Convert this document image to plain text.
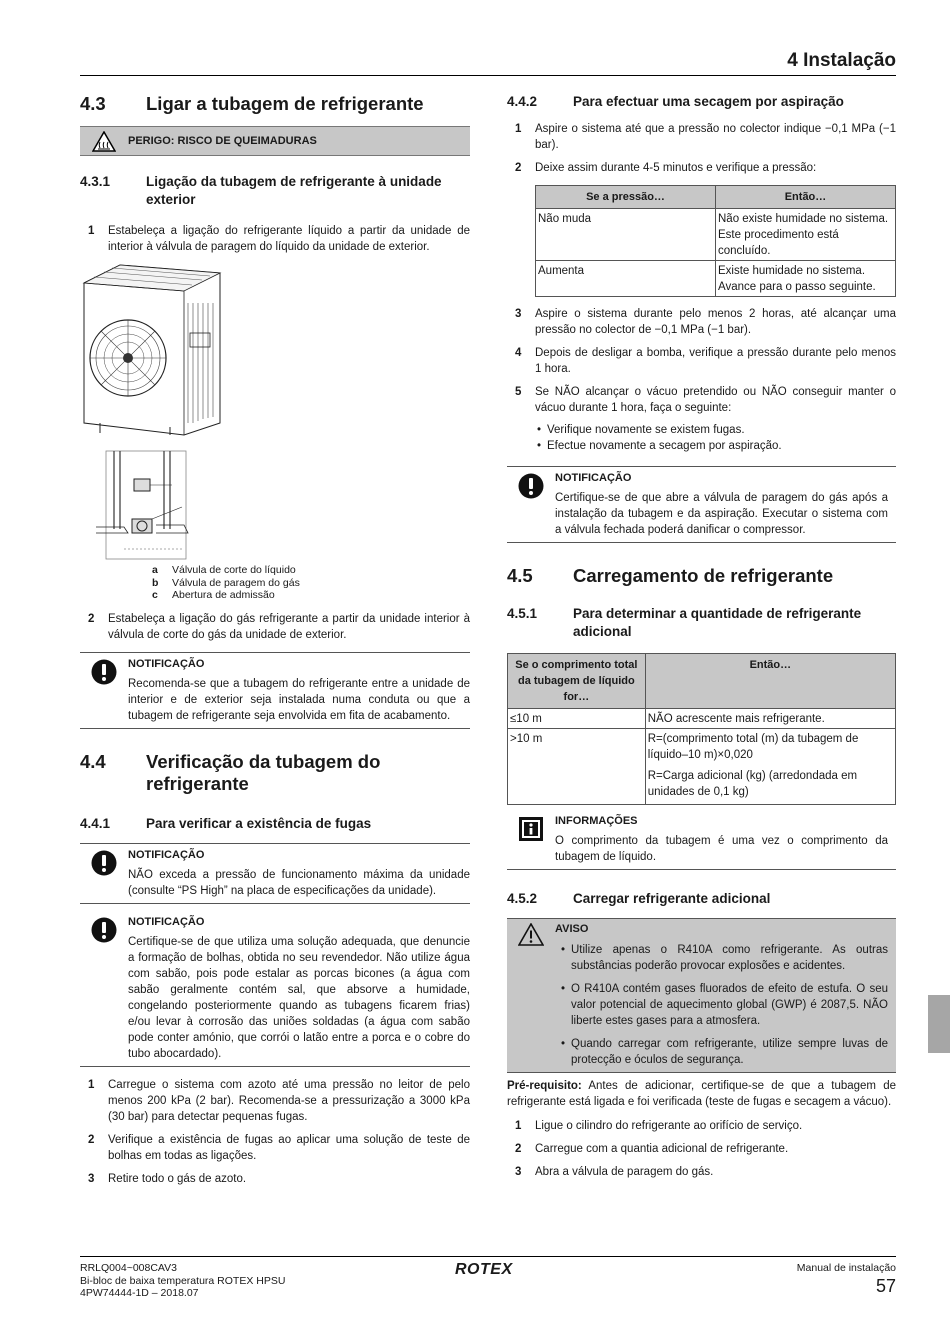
4 Instalação
4.3	Ligar a tubagem de refrigerante
PERIGO: RISCO DE QUEIMADURAS
4.3.1	Ligação da tubagem de refrigerante à unidade exterior
1	Estabeleça a ligação do refrigerante líquido a partir da unidade de interior à válvula de paragem do líquido da unidade de exterior.
a	Válvula de corte do líquido
b	Válvula de paragem do gás
c	Abertura de admissão
2	Estabeleça a ligação do gás refrigerante a partir da unidade interior à válvula de corte do gás da unidade de exterior.
NOTIFICAÇÃO
Recomenda-se que a tubagem do refrigerante entre a unidade de interior e de exterior seja instalada numa conduta ou que a tubagem de refrigerante seja envolvida em fita de acabamento.
4.4	Verificação da tubagem do refrigerante
4.4.1	Para verificar a existência de fugas
NOTIFICAÇÃO
NÃO exceda a pressão de funcionamento máxima da unidade (consulte “PS High” na placa de especificações da unidade).
NOTIFICAÇÃO
Certifique-se de que utiliza uma solução adequada, que denuncie a formação de bolhas, obtida no seu revendedor. Não utilize água com sabão, pois pode estalar as porcas bicones (a água com sabão geralmente contém sal, que absorve a humidade, congelando posteriormente quando as tubagens ficarem frias) e/ou levar à corrosão das uniões soldadas (a água com sabão pode conter amónio, que corrói o latão entre a porca e o cobre do tubo abocardado).
1	Carregue o sistema com azoto até uma pressão no leitor de pelo menos 200 kPa (2 bar). Recomenda-se a pressurização a 3000 kPa (30 bar) para detectar pequenas fugas.
2	Verifique a existência de fugas ao aplicar uma solução de teste de bolhas em todas as ligações.
3	Retire todo o gás de azoto.
4.4.2	Para efectuar uma secagem por aspiração
1	Aspire o sistema até que a pressão no colector indique −0,1 MPa (−1 bar).
2	Deixe assim durante 4-5 minutos e verifique a pressão:
Se a pressão…	Então…
Não muda	Não existe humidade no sistema. Este procedimento está concluído.
Aumenta	Existe humidade no sistema. Avance para o passo seguinte.
3	Aspire o sistema durante pelo menos 2 horas, até alcançar uma pressão no colector de −0,1 MPa (−1 bar).
4	Depois de desligar a bomba, verifique a pressão durante pelo menos 1 hora.
5	Se NÃO alcançar o vácuo pretendido ou NÃO conseguir manter o vácuo durante 1 hora, faça o seguinte:
• Verifique novamente se existem fugas.
• Efectue novamente a secagem por aspiração.
NOTIFICAÇÃO
Certifique-se de que abre a válvula de paragem do gás após a instalação da tubagem e da aspiração. Executar o sistema com a válvula fechada poderá danificar o compressor.
4.5	Carregamento de refrigerante
4.5.1	Para determinar a quantidade de refrigerante adicional
Se o comprimento total da tubagem de líquido for…	Então…
≤10 m	NÃO acrescente mais refrigerante.
>10 m	R=(comprimento total (m) da tubagem de líquido–10 m)×0,020
R=Carga adicional (kg) (arredondada em unidades de 0,1 kg)
INFORMAÇÕES
O comprimento da tubagem é uma vez o comprimento da tubagem de líquido.
4.5.2	Carregar refrigerante adicional
AVISO
• Utilize apenas o R410A como refrigerante. As outras substâncias poderão provocar explosões e acidentes.
• O R410A contém gases fluorados de efeito de estufa. O seu valor potencial de aquecimento global (GWP) é 2087,5. NÃO liberte estes gases para a atmosfera.
• Quando carregar com refrigerante, utilize sempre luvas de protecção e óculos de segurança.
Pré-requisito: Antes de adicionar, certifique-se de que a tubagem de refrigerante está ligada e foi verificada (teste de fugas e secagem a vácuo).
1	Ligue o cilindro do refrigerante ao orifício de serviço.
2	Carregue com a quantia adicional de refrigerante.
3	Abra a válvula de paragem do gás.
RRLQ004~008CAV3
Bi-bloc de baixa temperatura ROTEX HPSU
4PW74444-1D – 2018.07
ROTEX	Manual de instalação
57
